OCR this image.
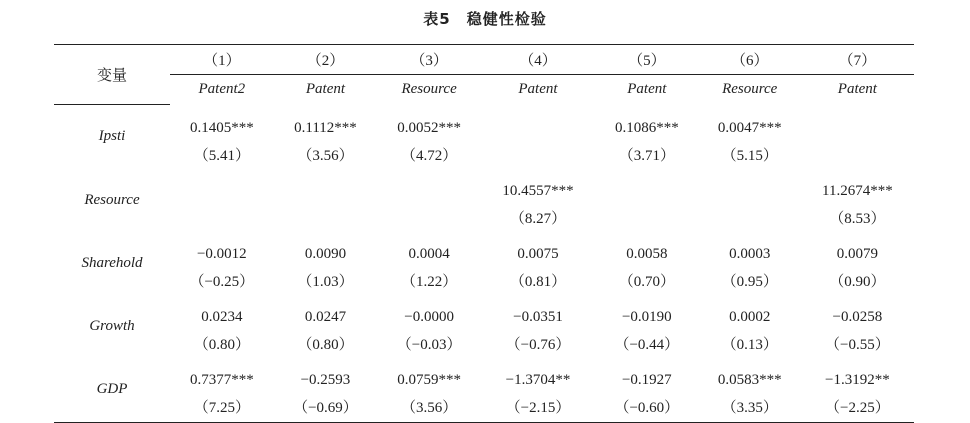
表5　稳健性检验
变量	（1）	（2）	（3）	（4）	（5）	（6）	（7）
	Patent2	Patent	Resource	Patent	Patent	Resource	Patent
Ipsti	0.1405***	0.1112***	0.0052***		0.1086***	0.0047***	
	（5.41）	（3.56）	（4.72）		（3.71）	（5.15）	
Resource				10.4557***			11.2674***
				（8.27）			（8.53）
Sharehold	−0.0012	0.0090	0.0004	0.0075	0.0058	0.0003	0.0079
	（−0.25）	（1.03）	（1.22）	（0.81）	（0.70）	（0.95）	（0.90）
Growth	0.0234	0.0247	−0.0000	−0.0351	−0.0190	0.0002	−0.0258
	（0.80）	（0.80）	（−0.03）	（−0.76）	（−0.44）	（0.13）	（−0.55）
GDP	0.7377***	−0.2593	0.0759***	−1.3704**	−0.1927	0.0583***	−1.3192**
	（7.25）	（−0.69）	（3.56）	（−2.15）	（−0.60）	（3.35）	（−2.25）
